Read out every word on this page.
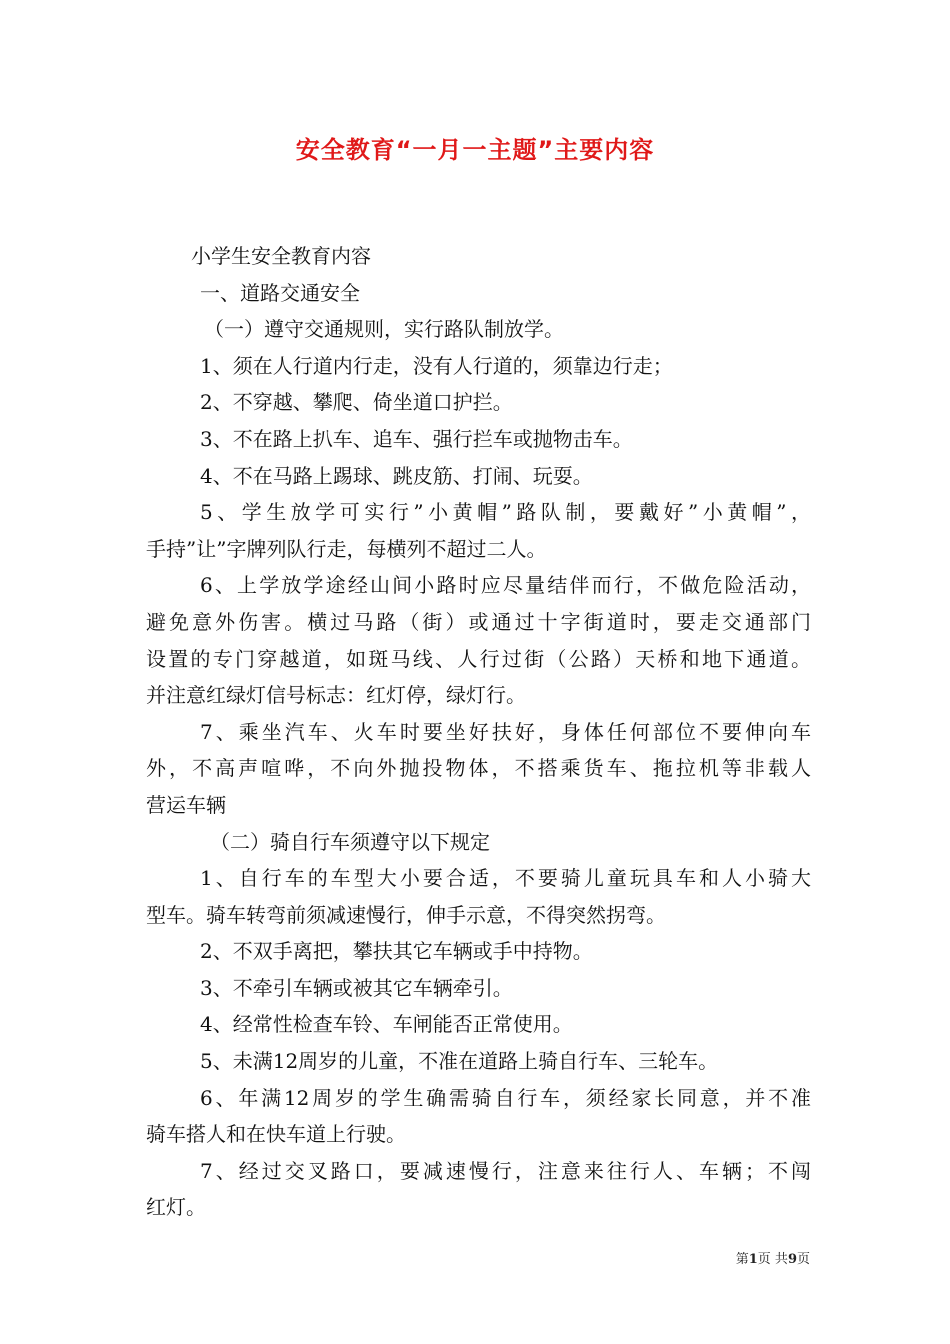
安全教育“一月一主题”主要内容
小学生安全教育内容
一、道路交通安全
（一）遵守交通规则，实行路队制放学。
1、须在人行道内行走，没有人行道的，须靠边行走；
2、不穿越、攀爬、倚坐道口护拦。
3、不在路上扒车、追车、强行拦车或抛物击车。
4、不在马路上踢球、跳皮筋、打闹、玩耍。
5、学生放学可实行”小黄帽”路队制，要戴好”小黄帽”，
手持”让”字牌列队行走，每横列不超过二人。
6、上学放学途经山间小路时应尽量结伴而行，不做危险活动，
避免意外伤害。横过马路（街）或通过十字街道时，要走交通部门
设置的专门穿越道，如斑马线、人行过街（公路）天桥和地下通道。
并注意红绿灯信号标志：红灯停，绿灯行。
7、乘坐汽车、火车时要坐好扶好，身体任何部位不要伸向车
外，不高声喧哗，不向外抛投物体，不搭乘货车、拖拉机等非载人
营运车辆
（二）骑自行车须遵守以下规定
1、自行车的车型大小要合适，不要骑儿童玩具车和人小骑大
型车。骑车转弯前须减速慢行，伸手示意，不得突然拐弯。
2、不双手离把，攀扶其它车辆或手中持物。
3、不牵引车辆或被其它车辆牵引。
4、经常性检查车铃、车闸能否正常使用。
5、未满12周岁的儿童，不准在道路上骑自行车、三轮车。
6、年满12周岁的学生确需骑自行车，须经家长同意，并不准
骑车搭人和在快车道上行驶。
7、经过交叉路口，要减速慢行，注意来往行人、车辆；不闯
红灯。
第1页 共9页
